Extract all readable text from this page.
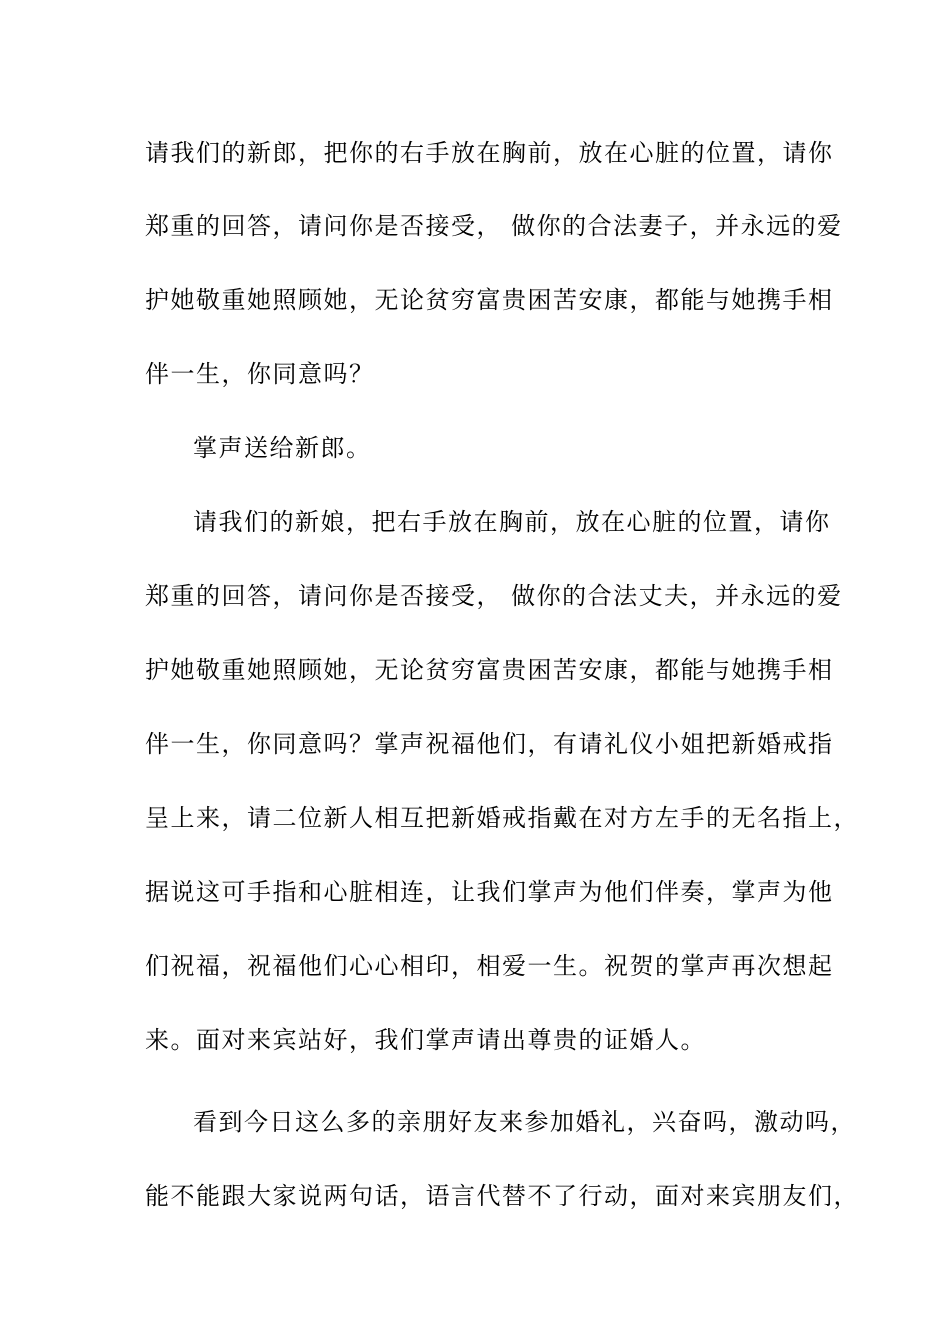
请我们的新郎，把你的右手放在胸前，放在心脏的位置，请你
郑重的回答，请问你是否接受， 做你的合法妻子，并永远的爱
护她敬重她照顾她，无论贫穷富贵困苦安康，都能与她携手相
伴一生，你同意吗？
掌声送给新郎。
请我们的新娘，把右手放在胸前，放在心脏的位置，请你
郑重的回答，请问你是否接受， 做你的合法丈夫，并永远的爱
护她敬重她照顾她，无论贫穷富贵困苦安康，都能与她携手相
伴一生，你同意吗？掌声祝福他们，有请礼仪小姐把新婚戒指
呈上来，请二位新人相互把新婚戒指戴在对方左手的无名指上，
据说这可手指和心脏相连，让我们掌声为他们伴奏，掌声为他
们祝福，祝福他们心心相印，相爱一生。祝贺的掌声再次想起
来。面对来宾站好，我们掌声请出尊贵的证婚人。
看到今日这么多的亲朋好友来参加婚礼，兴奋吗，激动吗，
能不能跟大家说两句话，语言代替不了行动，面对来宾朋友们，
